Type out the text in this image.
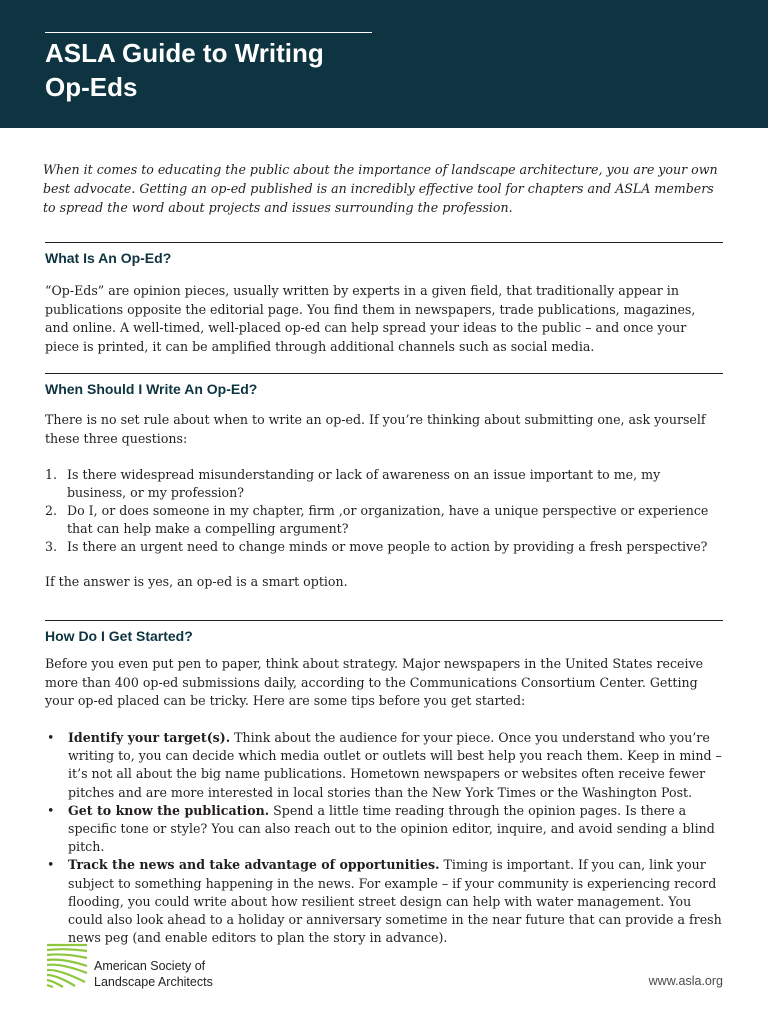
ASLA Guide to Writing
Op-Eds

When it comes to educating the public about the importance of landscape architecture, you are your own best advocate. Getting an op-ed published is an incredibly effective tool for chapters and ASLA members to spread the word about projects and issues surrounding the profession.

What Is An Op-Ed?

“Op-Eds” are opinion pieces, usually written by experts in a given field, that traditionally appear in publications opposite the editorial page. You find them in newspapers, trade publications, magazines, and online. A well-timed, well-placed op-ed can help spread your ideas to the public – and once your piece is printed, it can be amplified through additional channels such as social media.

When Should I Write An Op-Ed?

There is no set rule about when to write an op-ed. If you’re thinking about submitting one, ask yourself these three questions:

1. Is there widespread misunderstanding or lack of awareness on an issue important to me, my business, or my profession?
2. Do I, or does someone in my chapter, firm ,or organization, have a unique perspective or experience that can help make a compelling argument?
3. Is there an urgent need to change minds or move people to action by providing a fresh perspective?

If the answer is yes, an op-ed is a smart option.

How Do I Get Started?

Before you even put pen to paper, think about strategy. Major newspapers in the United States receive more than 400 op-ed submissions daily, according to the Communications Consortium Center. Getting your op-ed placed can be tricky. Here are some tips before you get started:

• Identify your target(s). Think about the audience for your piece. Once you understand who you’re writing to, you can decide which media outlet or outlets will best help you reach them. Keep in mind – it’s not all about the big name publications. Hometown newspapers or websites often receive fewer pitches and are more interested in local stories than the New York Times or the Washington Post.
• Get to know the publication. Spend a little time reading through the opinion pages. Is there a specific tone or style? You can also reach out to the opinion editor, inquire, and avoid sending a blind pitch.
• Track the news and take advantage of opportunities. Timing is important. If you can, link your subject to something happening in the news. For example – if your community is experiencing record flooding, you could write about how resilient street design can help with water management. You could also look ahead to a holiday or anniversary sometime in the near future that can provide a fresh news peg (and enable editors to plan the story in advance).
American Society of
Landscape Architects	www.asla.org
